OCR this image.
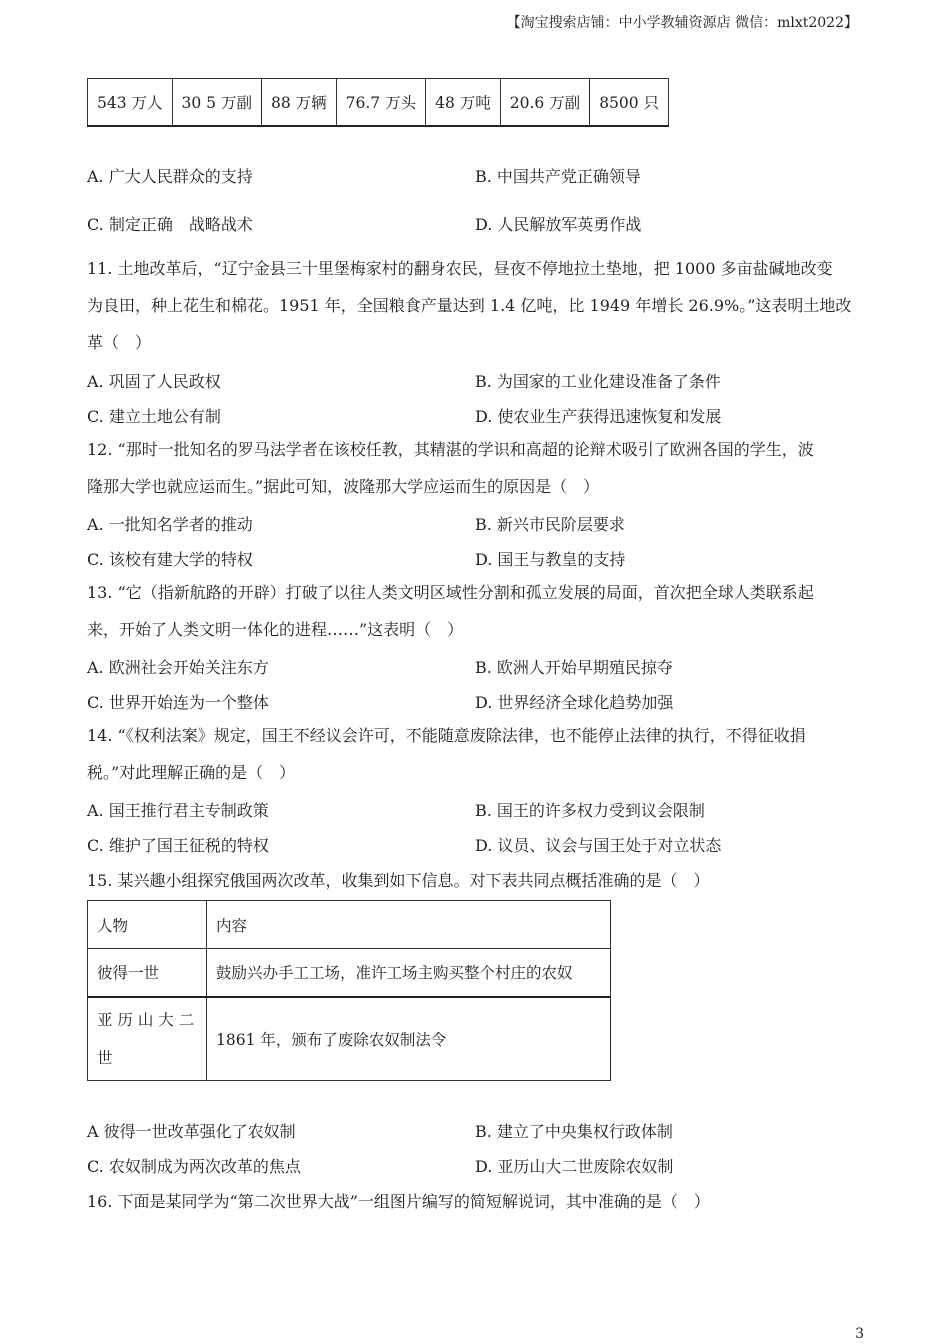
【淘宝搜索店铺：中小学教辅资源店 微信：mlxt2022】
543 万人	30 5 万副	88 万辆	76.7 万头	48 万吨	20.6 万副	8500 只
A. 广大人民群众的支持	B. 中国共产党正确领导
C. 制定正确　战略战术	D. 人民解放军英勇作战
11. 土地改革后，“辽宁金县三十里堡梅家村的翻身农民，昼夜不停地拉土垫地，把 1000 多亩盐碱地改变
为良田，种上花生和棉花。1951 年，全国粮食产量达到 1.4 亿吨，比 1949 年增长 26.9%。”这表明土地改
革（　）
A. 巩固了人民政权	B. 为国家的工业化建设准备了条件
C. 建立土地公有制	D. 使农业生产获得迅速恢复和发展
12. “那时一批知名的罗马法学者在该校任教，其精湛的学识和高超的论辩术吸引了欧洲各国的学生，波
隆那大学也就应运而生。”据此可知，波隆那大学应运而生的原因是（　）
A. 一批知名学者的推动	B. 新兴市民阶层要求
C. 该校有建大学的特权	D. 国王与教皇的支持
13. “它（指新航路的开辟）打破了以往人类文明区域性分割和孤立发展的局面，首次把全球人类联系起
来，开始了人类文明一体化的进程……”这表明（　）
A. 欧洲社会开始关注东方	B. 欧洲人开始早期殖民掠夺
C. 世界开始连为一个整体	D. 世界经济全球化趋势加强
14. “《权利法案》规定，国王不经议会许可，不能随意废除法律，也不能停止法律的执行，不得征收捐
税。”对此理解正确的是（　）
A. 国王推行君主专制政策	B. 国王的许多权力受到议会限制
C. 维护了国王征税的特权	D. 议员、议会与国王处于对立状态
15. 某兴趣小组探究俄国两次改革，收集到如下信息。对下表共同点概括准确的是（　）
人物	内容
彼得一世	鼓励兴办手工工场，准许工场主购买整个村庄的农奴
亚 历 山 大 二 世	1861 年，颁布了废除农奴制法令
A 彼得一世改革强化了农奴制	B. 建立了中央集权行政体制
C. 农奴制成为两次改革的焦点	D. 亚历山大二世废除农奴制
16. 下面是某同学为“第二次世界大战”一组图片编写的简短解说词，其中准确的是（　）
3
